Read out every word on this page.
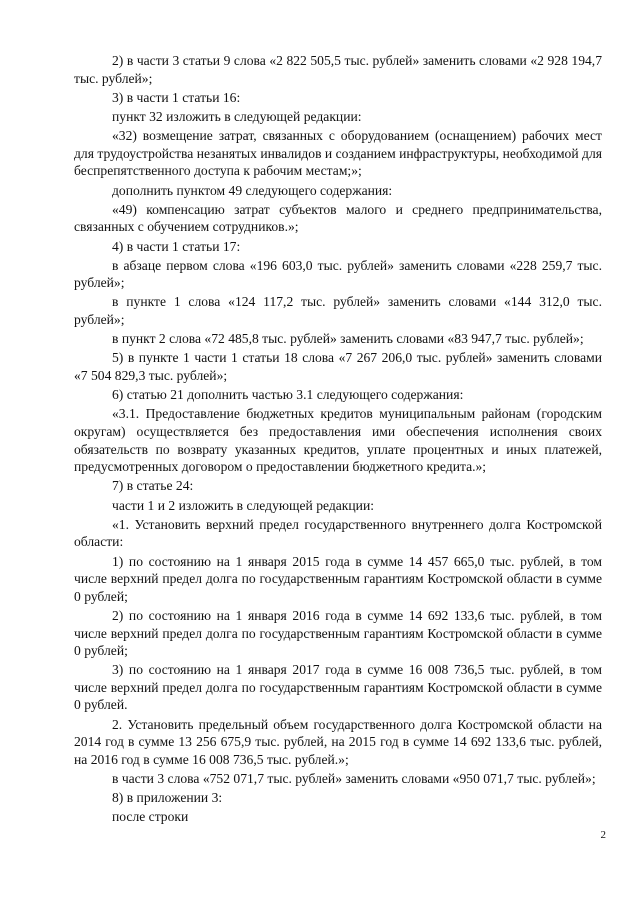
2) в части 3 статьи 9 слова «2 822 505,5 тыс. рублей» заменить словами «2 928 194,7 тыс. рублей»;

3) в части 1 статьи 16:

пункт 32 изложить в следующей редакции:

«32) возмещение затрат, связанных с оборудованием (оснащением) рабочих мест для трудоустройства незанятых инвалидов и созданием инфраструктуры, необходимой для беспрепятственного доступа к рабочим местам;»;

дополнить пунктом 49 следующего содержания:

«49) компенсацию затрат субъектов малого и среднего предпринимательства, связанных с обучением сотрудников.»;

4) в части 1 статьи 17:

в абзаце первом слова «196 603,0 тыс. рублей» заменить словами «228 259,7 тыс. рублей»;

в пункте 1 слова «124 117,2 тыс. рублей» заменить словами «144 312,0 тыс. рублей»;

в пункт 2 слова «72 485,8 тыс. рублей» заменить словами «83 947,7 тыс. рублей»;

5) в пункте 1 части 1 статьи 18 слова «7 267 206,0 тыс. рублей» заменить словами «7 504 829,3 тыс. рублей»;

6) статью 21 дополнить частью 3.1 следующего содержания:

«3.1. Предоставление бюджетных кредитов муниципальным районам (городским округам) осуществляется без предоставления ими обеспечения исполнения своих обязательств по возврату указанных кредитов, уплате процентных и иных платежей, предусмотренных договором о предоставлении бюджетного кредита.»;

7) в статье 24:

части 1 и 2 изложить в следующей редакции:

«1. Установить верхний предел государственного внутреннего долга Костромской области:

1) по состоянию на 1 января 2015 года в сумме 14 457 665,0 тыс. рублей, в том числе верхний предел долга по государственным гарантиям Костромской области в сумме 0 рублей;

2) по состоянию на 1 января 2016 года в сумме 14 692 133,6 тыс. рублей, в том числе верхний предел долга по государственным гарантиям Костромской области в сумме 0 рублей;

3) по состоянию на 1 января 2017 года в сумме 16 008 736,5 тыс. рублей, в том числе верхний предел долга по государственным гарантиям Костромской области в сумме 0 рублей.

2. Установить предельный объем государственного долга Костромской области на 2014 год в сумме 13 256 675,9 тыс. рублей, на 2015 год в сумме 14 692 133,6 тыс. рублей, на 2016 год в сумме 16 008 736,5 тыс. рублей.»;

в части 3 слова «752 071,7 тыс. рублей» заменить словами «950 071,7 тыс. рублей»;

8) в приложении 3:

после строки

2
